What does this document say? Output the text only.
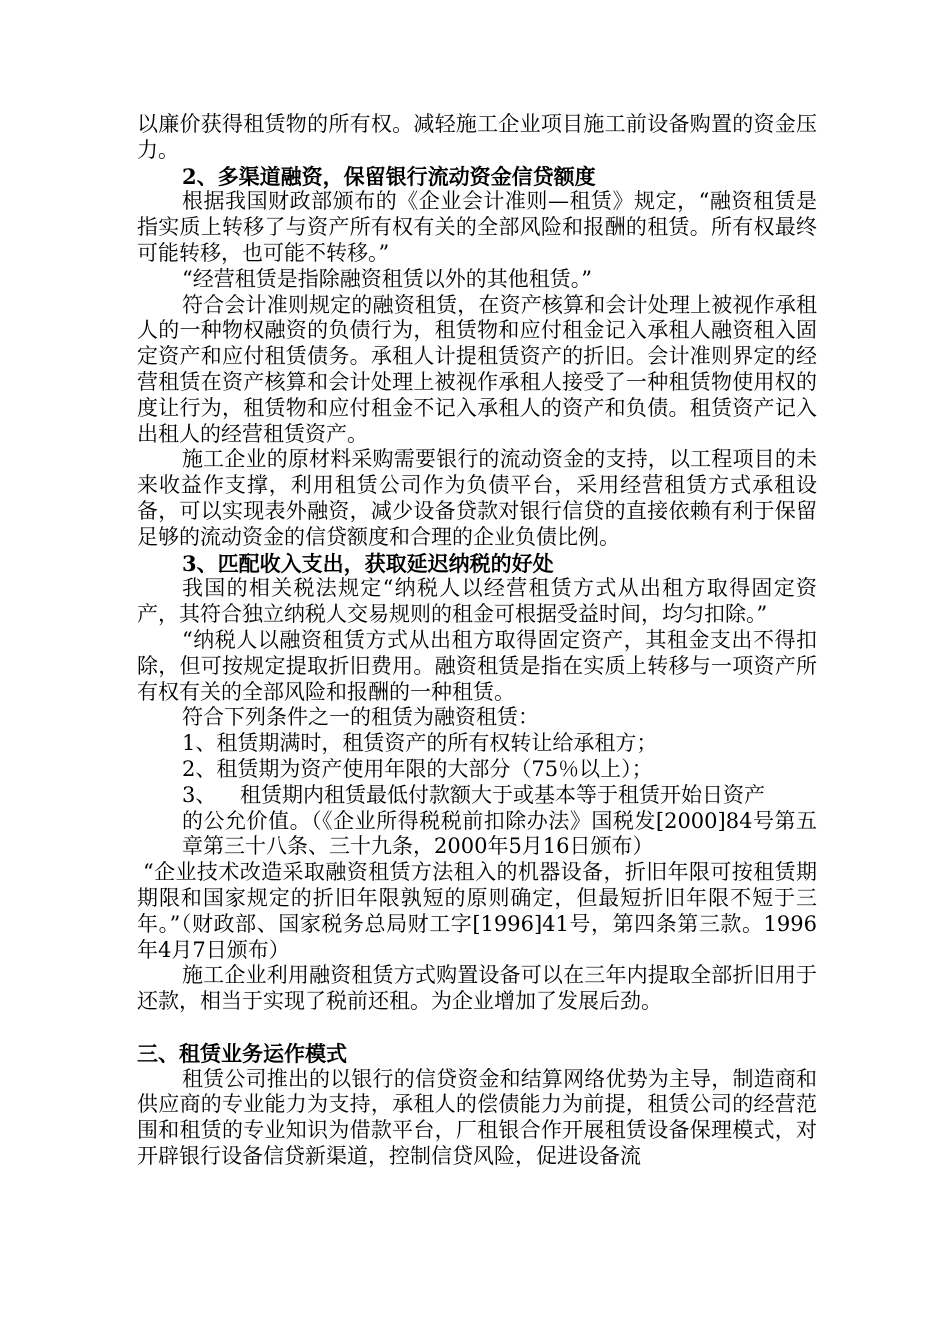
以廉价获得租赁物的所有权。减轻施工企业项目施工前设备购置的资金压力。

2、多渠道融资，保留银行流动资金信贷额度

根据我国财政部颁布的《企业会计准则—租赁》规定，“融资租赁是指实质上转移了与资产所有权有关的全部风险和报酬的租赁。所有权最终可能转移，也可能不转移。”

“经营租赁是指除融资租赁以外的其他租赁。”

符合会计准则规定的融资租赁，在资产核算和会计处理上被视作承租人的一种物权融资的负债行为，租赁物和应付租金记入承租人融资租入固定资产和应付租赁债务。承租人计提租赁资产的折旧。会计准则界定的经营租赁在资产核算和会计处理上被视作承租人接受了一种租赁物使用权的度让行为，租赁物和应付租金不记入承租人的资产和负债。租赁资产记入出租人的经营租赁资产。

施工企业的原材料采购需要银行的流动资金的支持，以工程项目的未来收益作支撑，利用租赁公司作为负债平台，采用经营租赁方式承租设备，可以实现表外融资，减少设备贷款对银行信贷的直接依赖有利于保留足够的流动资金的信贷额度和合理的企业负债比例。

3、匹配收入支出，获取延迟纳税的好处

我国的相关税法规定“纳税人以经营租赁方式从出租方取得固定资产，其符合独立纳税人交易规则的租金可根据受益时间，均匀扣除。”

“纳税人以融资租赁方式从出租方取得固定资产，其租金支出不得扣除，但可按规定提取折旧费用。融资租赁是指在实质上转移与一项资产所有权有关的全部风险和报酬的一种租赁。

符合下列条件之一的租赁为融资租赁：

1、租赁期满时，租赁资产的所有权转让给承租方；

2、租赁期为资产使用年限的大部分（75％以上）；

3、 租赁期内租赁最低付款额大于或基本等于租赁开始日资产
的公允价值。（《企业所得税税前扣除办法》国税发[2000]84号第五章第三十八条、三十九条，2000年5月16日颁布）

“企业技术改造采取融资租赁方法租入的机器设备，折旧年限可按租赁期期限和国家规定的折旧年限孰短的原则确定，但最短折旧年限不短于三年。”（财政部、国家税务总局财工字[1996]41号，第四条第三款。1996年4月7日颁布）

施工企业利用融资租赁方式购置设备可以在三年内提取全部折旧用于还款，相当于实现了税前还租。为企业增加了发展后劲。

三、租赁业务运作模式

租赁公司推出的以银行的信贷资金和结算网络优势为主导，制造商和供应商的专业能力为支持，承租人的偿债能力为前提，租赁公司的经营范围和租赁的专业知识为借款平台，厂租银合作开展租赁设备保理模式，对开辟银行设备信贷新渠道，控制信贷风险，促进设备流
